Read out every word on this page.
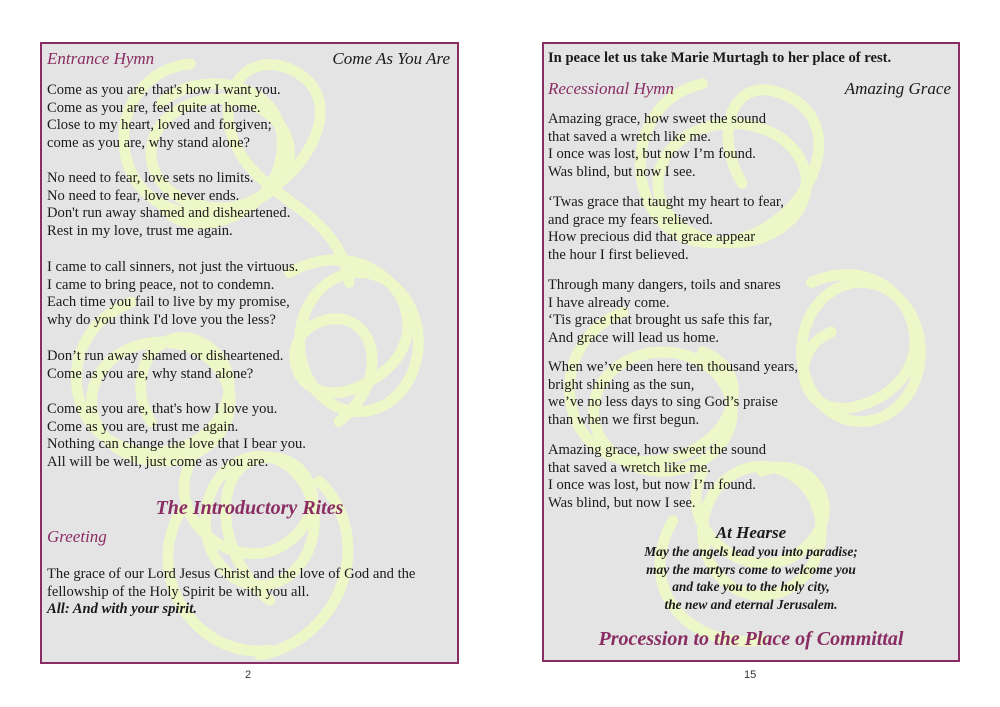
Entrance Hymn	Come As You Are
Come as you are, that's how I want you.
Come as you are, feel quite at home.
Close to my heart, loved and forgiven;
come as you are, why stand alone?
No need to fear, love sets no limits.
No need to fear, love never ends.
Don't run away shamed and disheartened.
Rest in my love, trust me again.
I came to call sinners, not just the virtuous.
I came to bring peace, not to condemn.
Each time you fail to live by my promise,
why do you think I'd love you the less?
Don’t run away shamed or disheartened.
Come as you are, why stand alone?
Come as you are, that's how I love you.
Come as you are, trust me again.
Nothing can change the love that I bear you.
All will be well, just come as you are.
The Introductory Rites
Greeting
The grace of our Lord Jesus Christ and the love of God and the
fellowship of the Holy Spirit be with you all.
All: And with your spirit.
2
In peace let us take Marie Murtagh to her place of rest.
Recessional Hymn	Amazing Grace
Amazing grace, how sweet the sound
that saved a wretch like me.
I once was lost, but now I’m found.
Was blind, but now I see.
‘Twas grace that taught my heart to fear,
and grace my fears relieved.
How precious did that grace appear
the hour I first believed.
Through many dangers, toils and snares
I have already come.
‘Tis grace that brought us safe this far,
And grace will lead us home.
When we’ve been here ten thousand years,
bright shining as the sun,
we’ve no less days to sing God’s praise
than when we first begun.
Amazing grace, how sweet the sound
that saved a wretch like me.
I once was lost, but now I’m found.
Was blind, but now I see.
At Hearse
May the angels lead you into paradise;
may the martyrs come to welcome you
and take you to the holy city,
the new and eternal Jerusalem.
Procession to the Place of Committal
15
